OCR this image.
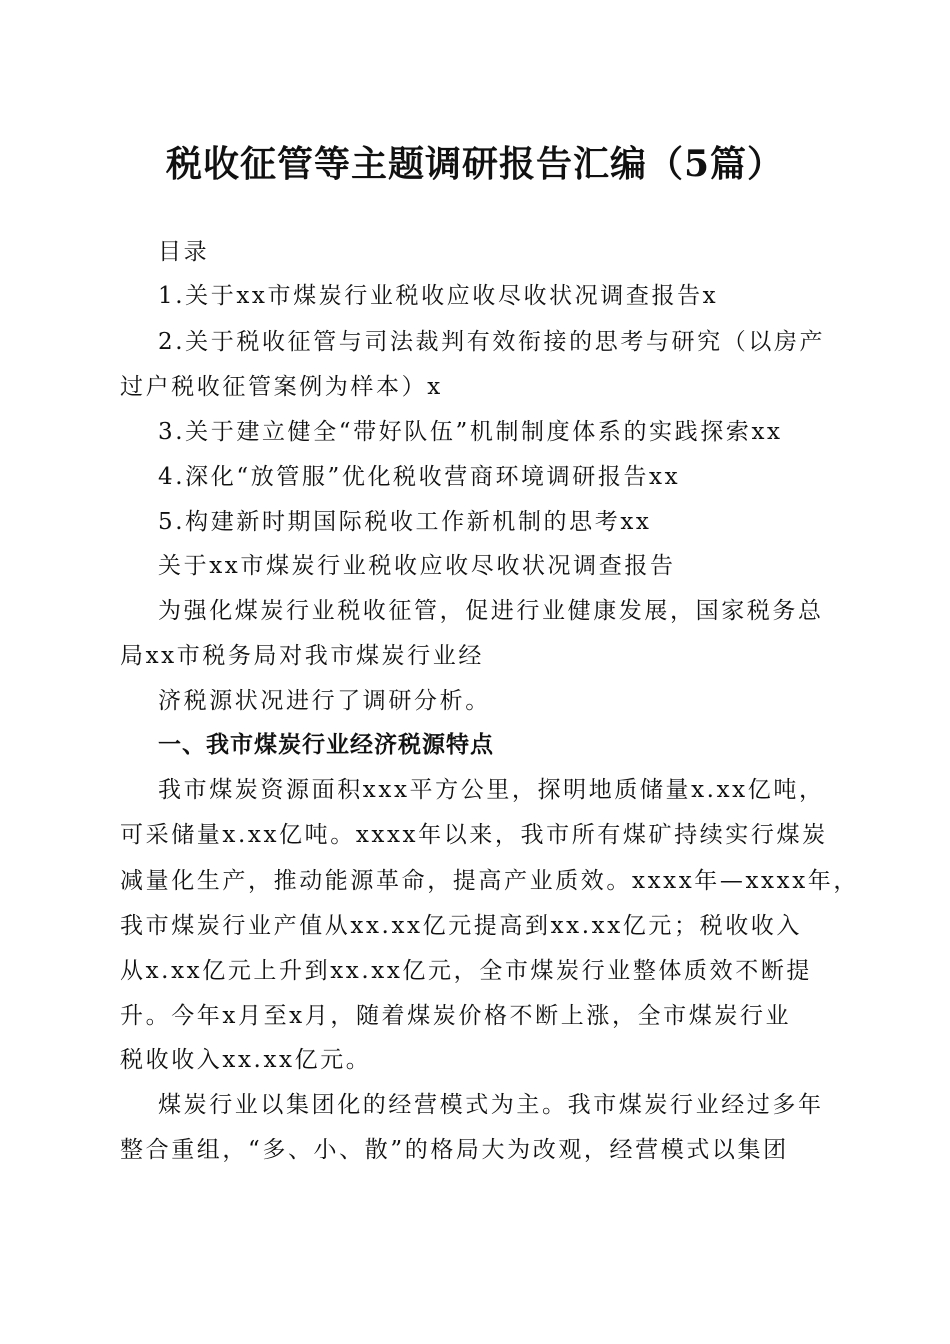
税收征管等主题调研报告汇编（5篇）
目录
1.关于xx市煤炭行业税收应收尽收状况调查报告x
2.关于税收征管与司法裁判有效衔接的思考与研究（以房产
过户税收征管案例为样本）x
3.关于建立健全“带好队伍”机制制度体系的实践探索xx
4.深化“放管服”优化税收营商环境调研报告xx
5.构建新时期国际税收工作新机制的思考xx
关于xx市煤炭行业税收应收尽收状况调查报告
为强化煤炭行业税收征管，促进行业健康发展，国家税务总
局xx市税务局对我市煤炭行业经
济税源状况进行了调研分析。
一、我市煤炭行业经济税源特点
我市煤炭资源面积xxx平方公里，探明地质储量x.xx亿吨，
可采储量x.xx亿吨。xxxx年以来，我市所有煤矿持续实行煤炭
减量化生产，推动能源革命，提高产业质效。xxxx年—xxxx年，
我市煤炭行业产值从xx.xx亿元提高到xx.xx亿元；税收收入
从x.xx亿元上升到xx.xx亿元，全市煤炭行业整体质效不断提
升。今年x月至x月，随着煤炭价格不断上涨，全市煤炭行业
税收收入xx.xx亿元。
煤炭行业以集团化的经营模式为主。我市煤炭行业经过多年
整合重组，“多、小、散”的格局大为改观，经营模式以集团
